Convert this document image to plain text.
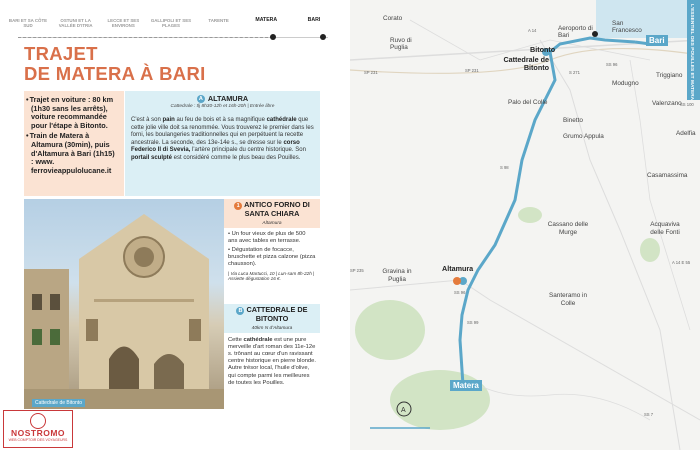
BARI ET SA CÔTE SUD
OSTUNI ET LA VALLÉE D'ITRIA
LECCE ET SES ENVIRONS
GALLIPOLI ET SES PLAGES
TARENTE	MATERA	BARI
TRAJET
DE MATERA À BARI
• Trajet en voiture : 80 km (1h30 sans les arrêts), voiture recommandée pour l'étape à Bitonto.
• Train de Matera à Altamura (30min), puis d'Altamura à Bari (1h15) : www. ferrovieappulolucane.it
A ALTAMURA
Cattedrale : tlj 8h30-12h et 16h-20h | Entrée libre
C'est à son pain au feu de bois et à sa magnifique cathédrale que cette jolie ville doit sa renommée. Vous trouverez le premier dans les forni, les boulangeries traditionnelles qui en perpétuent la recette ancestrale. La seconde, des 13e-14e s., se dresse sur le corso Federico II di Svevia, l'artère principale du centre historique. Son portail sculpté est considéré comme le plus beau des Pouilles.
Cattedrale de Bitonto
1 ANTICO FORNO DI SANTA CHIARA
Altamura

• Un four vieux de plus de 500 ans avec tables en terrasse.

• Dégustation de focacce, bruschette et pizza calzone (pizza chausson).

| Via Luca Martucci, 10 | Lun-sam 8h-22h | Assiette dégustation 16 €.

B CATTEDRALE DE BITONTO
40km N d'Altamura
Cette cathédrale est une pure merveille d'art roman des 11e-12e s. trônant au cœur d'un ravissant centre historique en pierre blonde. Autre trésor local, l'huile d'olive, qui compte parmi les meilleures de toutes les Pouilles.
NOSTROMO
WEB COMPTOIR DES VOYAGEURS
A
Corato
Ruvo di Puglia	Bitonto
Cattedrale de Bitonto
Aeroporto di Bari
San Francesco
Bari
Modugno
Palo del Colle
Binetto
Grumo Appula
Triggiano
Valenzano
Adelfia
Casamassima
Cassano delle Murge
Acquaviva delle Fonti
Gravina in Puglia
Altamura
Santeramo in Colle
Matera
SP 231	SP 231
SS 96
A 14
S 98
SS 99
SS 7
SP 235
S 271
A 14 E 55
SS 96
SS 100
L'ESSENTIEL DES POUILLES ET MATERA
